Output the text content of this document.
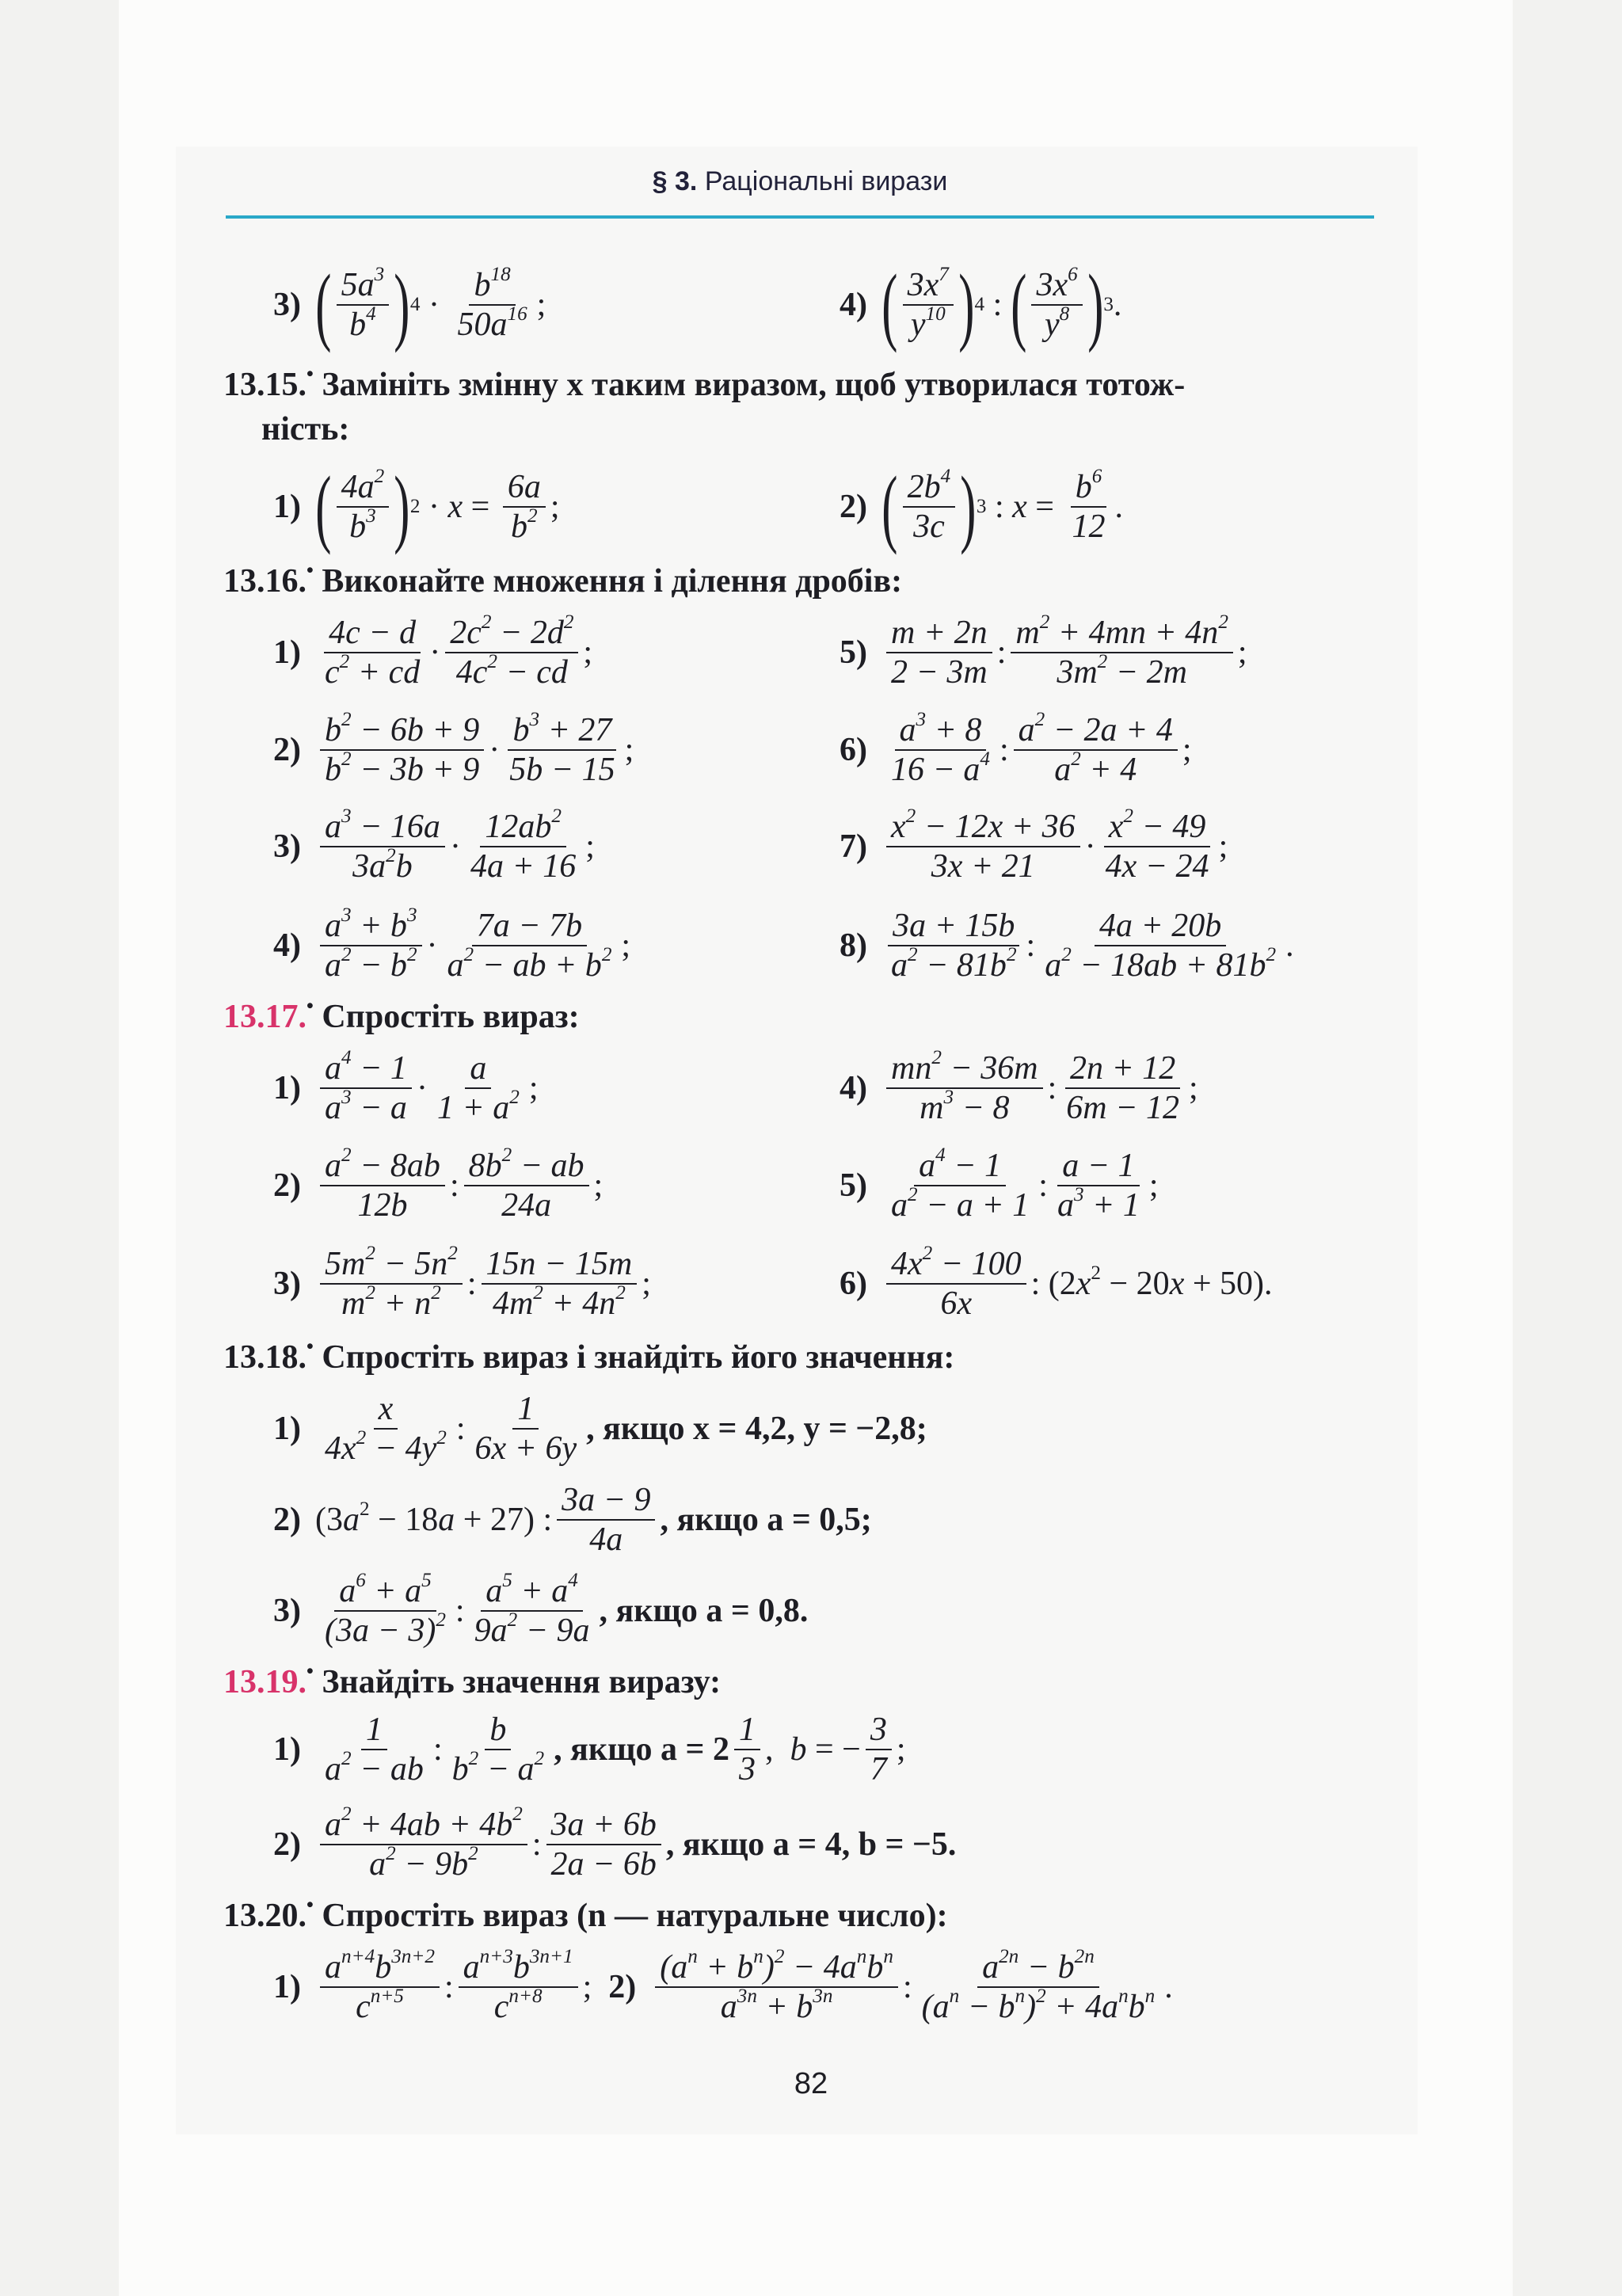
§ 3. Раціональні вирази
3) ( $\frac{5a^3}{b^4}$ ) $4 \cdot \frac{b^{18}}{50a^{16}}$ ;	4) ( $\frac{3x^7}{y^{10}}$ ) 4 : ( $\frac{3x^6}{y^8}$ ) 3 .
13.15.• Замініть змінну x таким виразом, щоб утворилася тотож-
ність:
1) ( $\frac{4a^2}{b^3}$ ) $2 \cdot x = \frac{6a}{b^2}$ ;	2) ( $\frac{2b^4}{3c}$ ) 3 : $x = \frac{b^6}{12}$ .
13.16.• Виконайте множення і ділення дробів:
$1) \frac{4c - d}{c^2 + cd} \cdot \frac{2c^2 - 2d^2}{4c^2 - cd}$ ;	$5) \frac{m + 2n}{2 - 3m}$ : $\frac{m^2 + 4mn + 4n^2}{3m^2 - 2m}$ ;
$2) \frac{b^2 - 6b + 9}{b^2 - 3b + 9} \cdot \frac{b^3 + 27}{5b - 15}$ ;	$6) \frac{a^3 + 8}{16 - a^4}$ : $\frac{a^2 - 2a + 4}{a^2 + 4}$ ;
$3) \frac{a^3 - 16a}{3a^2b} \cdot \frac{12ab^2}{4a + 16}$ ;	$7) \frac{x^2 - 12x + 36}{3x + 21} \cdot \frac{x^2 - 49}{4x - 24}$ ;
$4) \frac{a^3 + b^3}{a^2 - b^2} \cdot \frac{7a - 7b}{a^2 - ab + b^2}$ ;	$8) \frac{3a + 15b}{a^2 - 81b^2}$ : $\frac{4a + 20b}{a^2 - 18ab + 81b^2}$ .
13.17.• Спростіть вираз:
$1) \frac{a^4 - 1}{a^3 - a} \cdot \frac{a}{1 + a^2}$ ;	$4) \frac{mn^2 - 36m}{m^3 - 8}$ : $\frac{2n + 12}{6m - 12}$ ;
$2) \frac{a^2 - 8ab}{12b}$ : $\frac{8b^2 - ab}{24a}$ ;	$5) \frac{a^4 - 1}{a^2 - a + 1}$ : $\frac{a - 1}{a^3 + 1}$ ;
$3) \frac{5m^2 - 5n^2}{m^2 + n^2}$ : $\frac{15n - 15m}{4m^2 + 4n^2}$ ;	$6) \frac{4x^2 - 100}{6x}$ : $(2x^2 - 20x + 50)$.
13.18.• Спростіть вираз і знайдіть його значення:
$1) \frac{x}{4x^2 - 4y^2}$ : $\frac{1}{6x + 6y}$ , якщо x = 4,2, y = −2,8;
2) $(3a^2 - 18a + 27)$ : $\frac{3a - 9}{4a}$ , якщо a = 0,5;
$3) \frac{a^6 + a^5}{(3a - 3)^2}$ : $\frac{a^5 + a^4}{9a^2 - 9a}$ , якщо a = 0,8.
13.19.• Знайдіть значення виразу:
$1) \frac{1}{a^2 - ab}$ : $\frac{b}{b^2 - a^2}$ , якщо $a = 2 \frac{1}{3}$ ,  b = − $\frac{3}{7}$ ;
$2) \frac{a^2 + 4ab + 4b^2}{a^2 - 9b^2}$ : $\frac{3a + 6b}{2a - 6b}$ , якщо a = 4, b = −5.
13.20.• Спростіть вираз (n — натуральне число):
$1) \frac{a^{n+4}b^{3n+2}}{c^{n+5}}$ : $\frac{a^{n+3}b^{3n+1}}{c^{n+8}}$ ; $2) \frac{(a^n + b^n)^2 - 4a^nb^n}{a^{3n} + b^{3n}}$ : $\frac{a^{2n} - b^{2n}}{(a^n - b^n)^2 + 4a^nb^n}$ .
82
